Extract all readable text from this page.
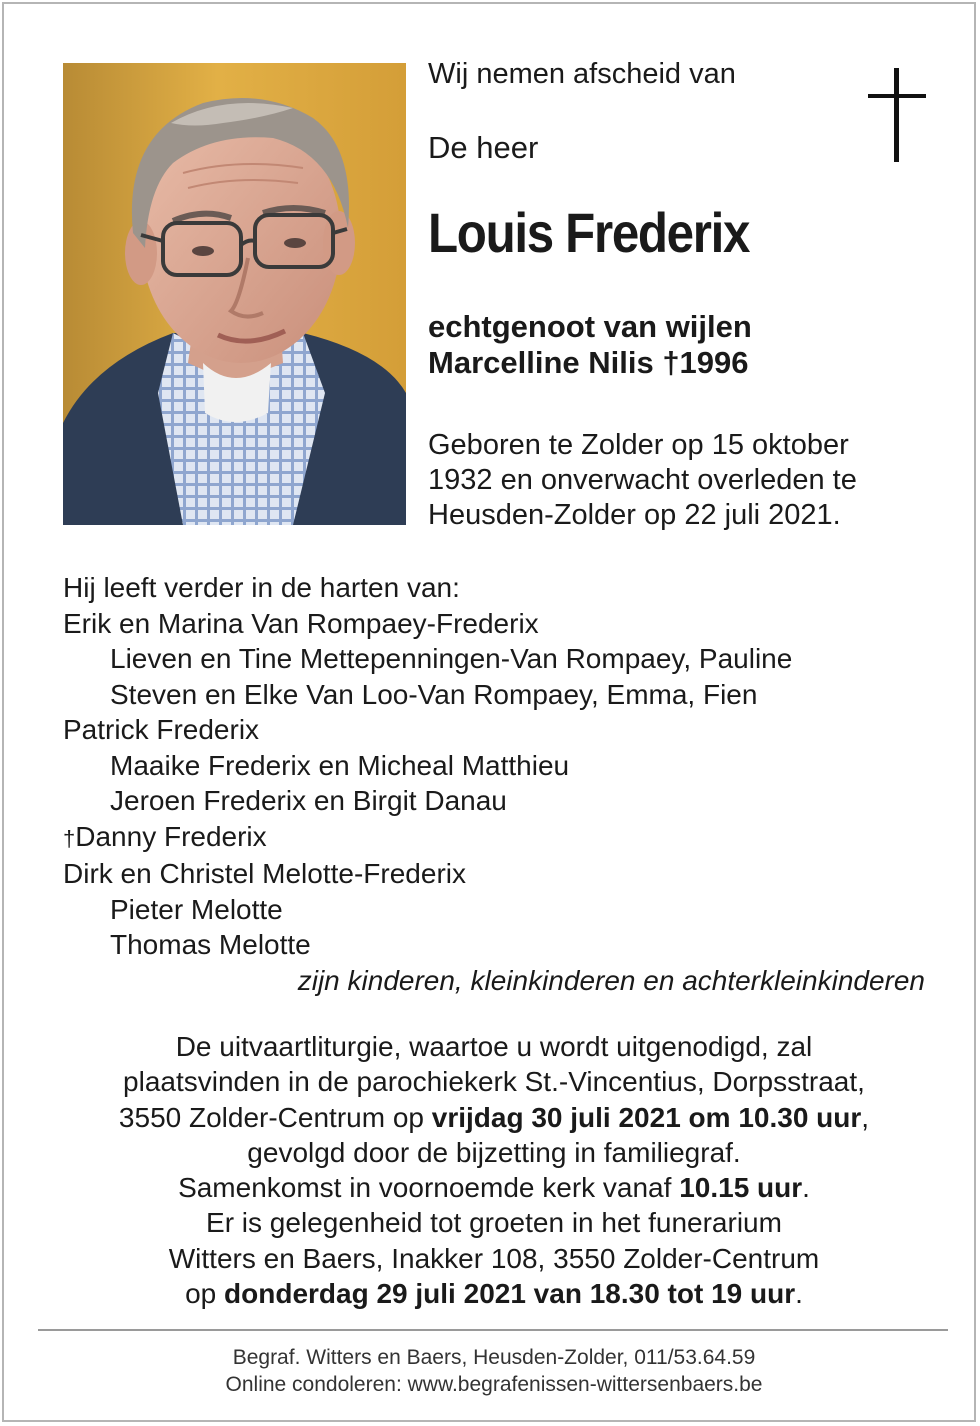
Wij nemen afscheid van

De heer

Louis Frederix

echtgenoot van wijlen
Marcelline Nilis †1996
Geboren te Zolder op 15 oktober
1932 en onverwacht overleden te
Heusden-Zolder op 22 juli 2021.
Hij leeft verder in de harten van:
Erik en Marina Van Rompaey-Frederix
Lieven en Tine Mettepenningen-Van Rompaey, Pauline
Steven en Elke Van Loo-Van Rompaey, Emma, Fien
Patrick Frederix
Maaike Frederix en Micheal Matthieu
Jeroen Frederix en Birgit Danau
†Danny Frederix
Dirk en Christel Melotte-Frederix
Pieter Melotte
Thomas Melotte
zijn kinderen, kleinkinderen en achterkleinkinderen
De uitvaartliturgie, waartoe u wordt uitgenodigd, zal
plaatsvinden in de parochiekerk St.-Vincentius, Dorpsstraat,
3550 Zolder-Centrum op vrijdag 30 juli 2021 om 10.30 uur,
gevolgd door de bijzetting in familiegraf.
Samenkomst in voornoemde kerk vanaf 10.15 uur.
Er is gelegenheid tot groeten in het funerarium
Witters en Baers, Inakker 108, 3550 Zolder-Centrum
op donderdag 29 juli 2021 van 18.30 tot 19 uur.
Begraf. Witters en Baers, Heusden-Zolder, 011/53.64.59
Online condoleren: www.begrafenissen-wittersenbaers.be
